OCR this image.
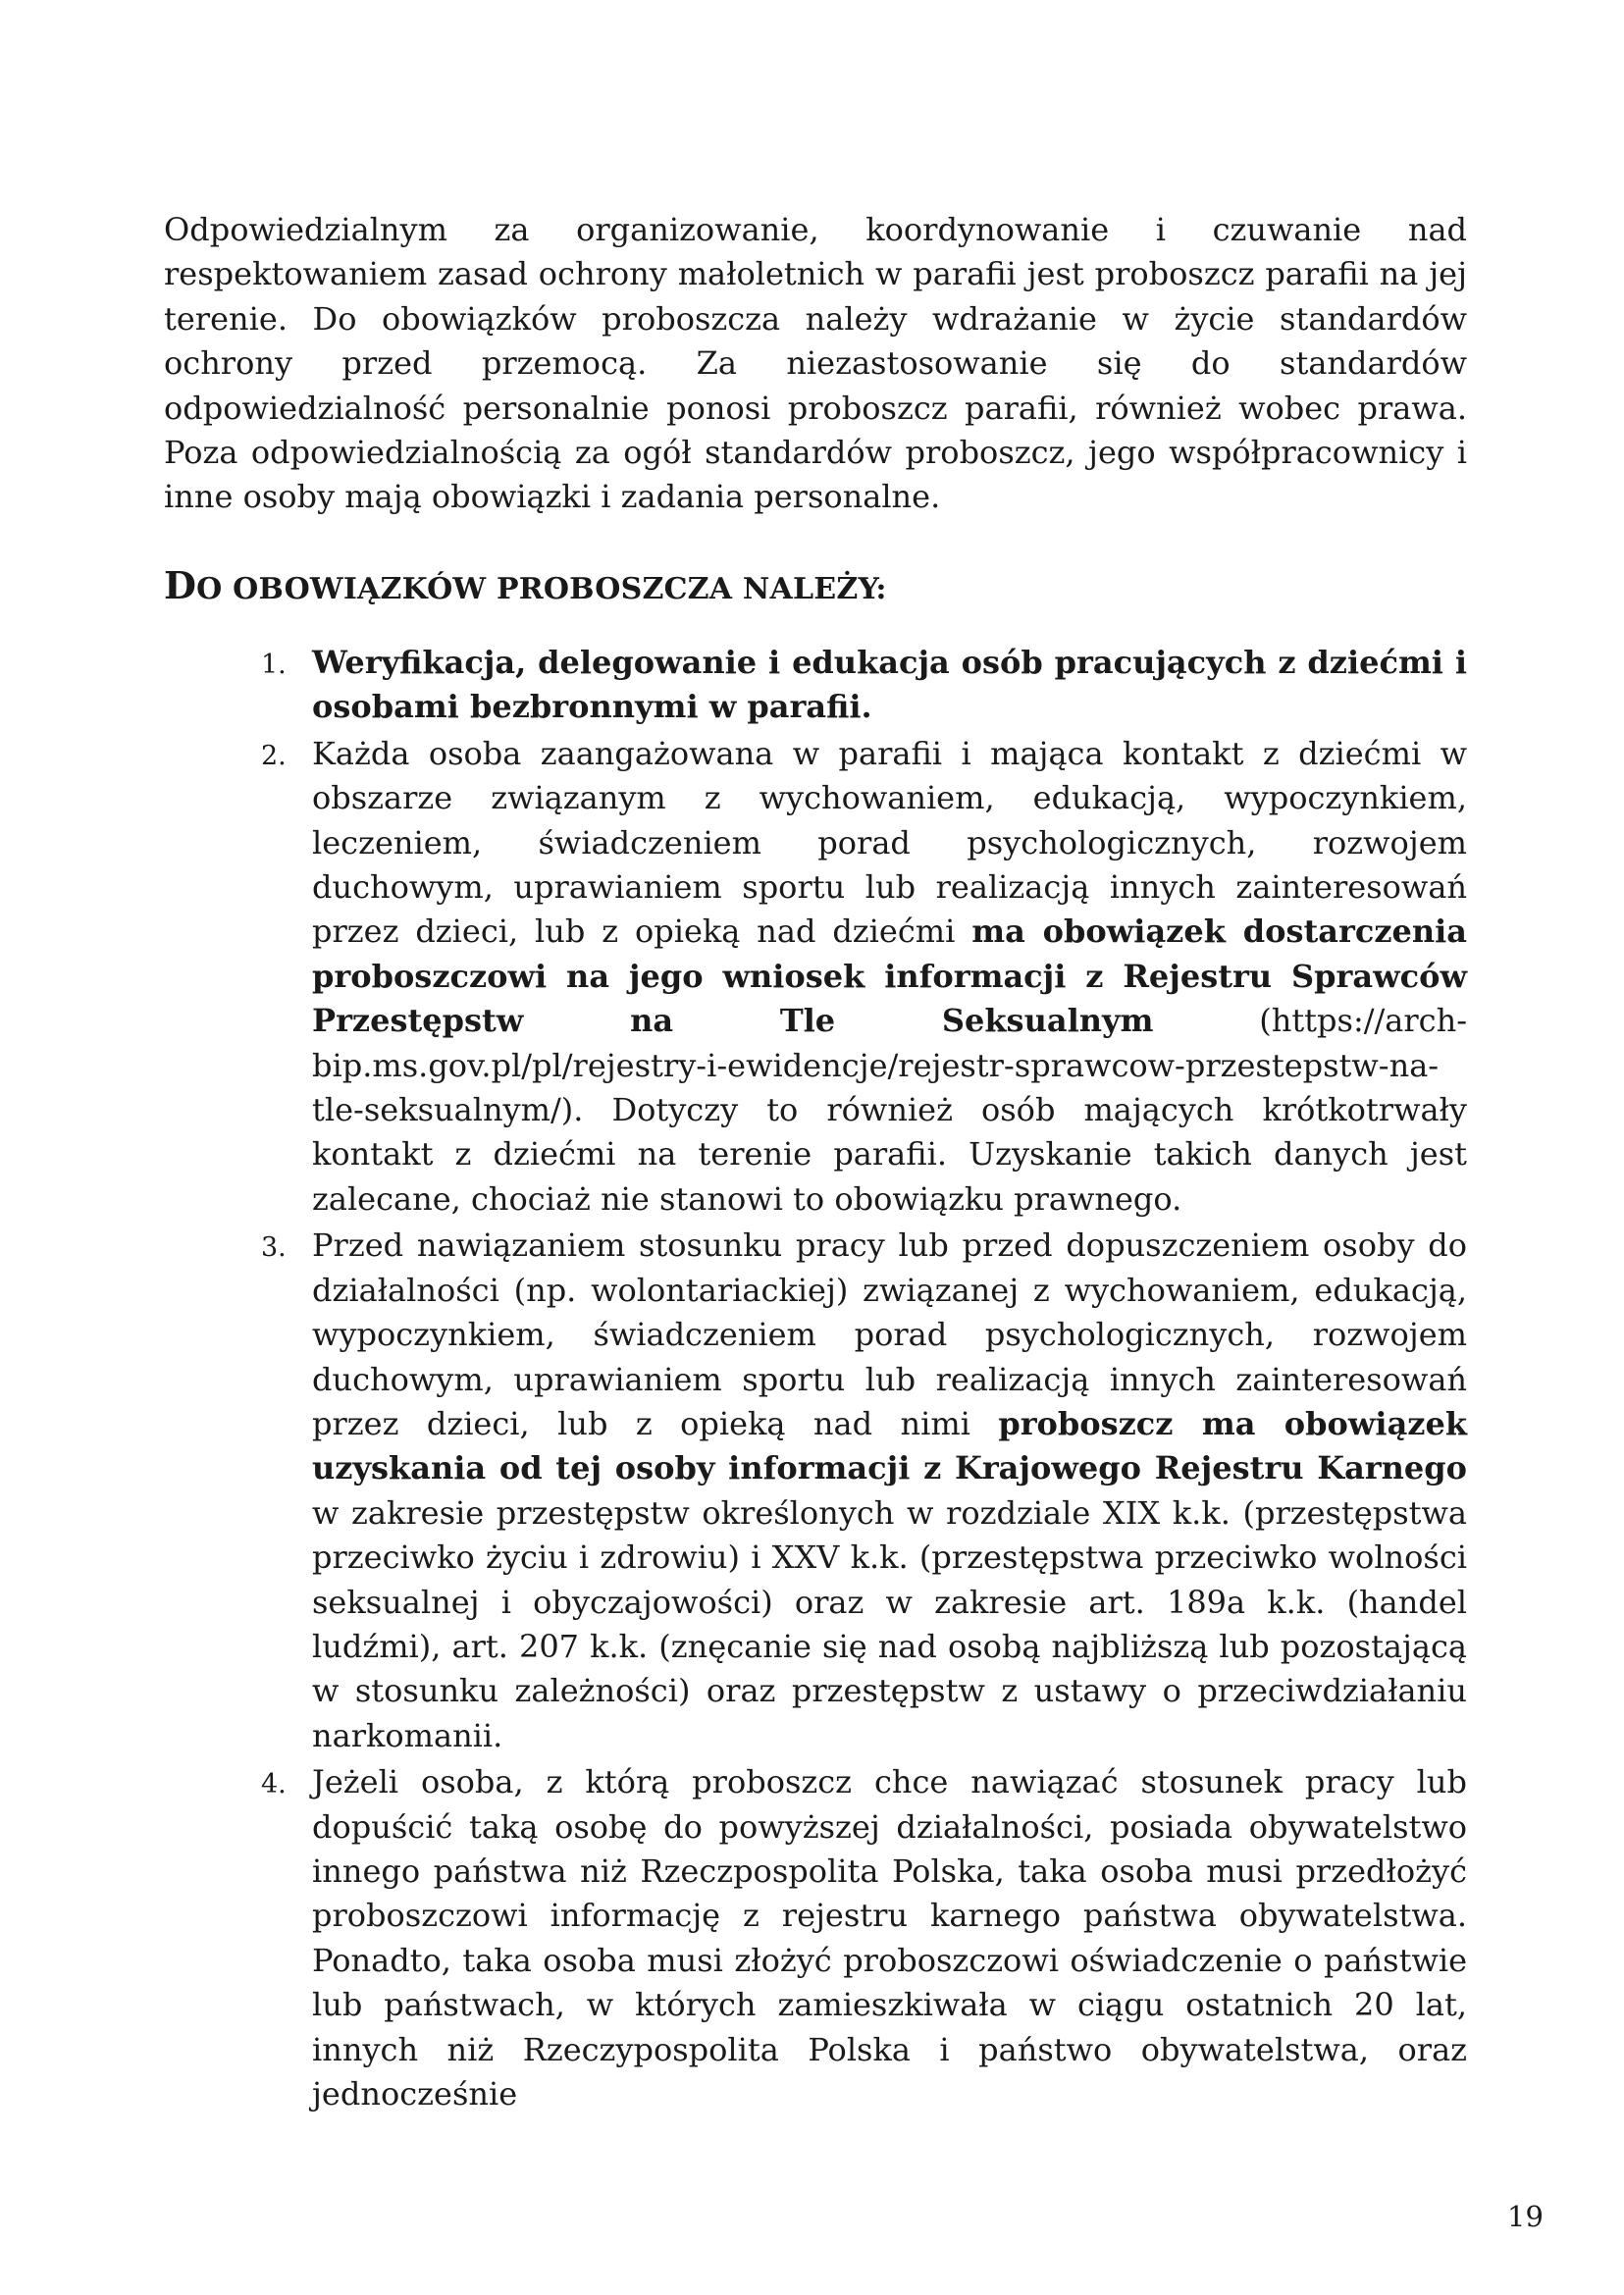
Odpowiedzialnym za organizowanie, koordynowanie i czuwanie nad respektowaniem zasad ochrony małoletnich w parafii jest proboszcz parafii na jej terenie. Do obowiązków proboszcza należy wdrażanie w życie standardów ochrony przed przemocą. Za niezastosowanie się do standardów odpowiedzialność personalnie ponosi proboszcz parafii, również wobec prawa. Poza odpowiedzialnością za ogół standardów proboszcz, jego współpracownicy i inne osoby mają obowiązki i zadania personalne.

DO OBOWIĄZKÓW PROBOSZCZA NALEŻY:
1. Weryfikacja, delegowanie i edukacja osób pracujących z dziećmi i osobami bezbronnymi w parafii.
2. Każda osoba zaangażowana w parafii i mająca kontakt z dziećmi w obszarze związanym z wychowaniem, edukacją, wypoczynkiem, leczeniem, świadczeniem porad psychologicznych, rozwojem duchowym, uprawianiem sportu lub realizacją innych zainteresowań przez dzieci, lub z opieką nad dziećmi ma obowiązek dostarczenia proboszczowi na jego wniosek informacji z Rejestru Sprawców Przestępstw na Tle Seksualnym (https://arch-bip.ms.gov.pl/pl/rejestry-i-ewidencje/rejestr-sprawcow-przestepstw-na-tle-seksualnym/). Dotyczy to również osób mających krótkotrwały kontakt z dziećmi na terenie parafii. Uzyskanie takich danych jest zalecane, chociaż nie stanowi to obowiązku prawnego.
3. Przed nawiązaniem stosunku pracy lub przed dopuszczeniem osoby do działalności (np. wolontariackiej) związanej z wychowaniem, edukacją, wypoczynkiem, świadczeniem porad psychologicznych, rozwojem duchowym, uprawianiem sportu lub realizacją innych zainteresowań przez dzieci, lub z opieką nad nimi proboszcz ma obowiązek uzyskania od tej osoby informacji z Krajowego Rejestru Karnego w zakresie przestępstw określonych w rozdziale XIX k.k. (przestępstwa przeciwko życiu i zdrowiu) i XXV k.k. (przestępstwa przeciwko wolności seksualnej i obyczajowości) oraz w zakresie art. 189a k.k. (handel ludźmi), art. 207 k.k. (znęcanie się nad osobą najbliższą lub pozostającą w stosunku zależności) oraz przestępstw z ustawy o przeciwdziałaniu narkomanii.
4. Jeżeli osoba, z którą proboszcz chce nawiązać stosunek pracy lub dopuścić taką osobę do powyższej działalności, posiada obywatelstwo innego państwa niż Rzeczpospolita Polska, taka osoba musi przedłożyć proboszczowi informację z rejestru karnego państwa obywatelstwa. Ponadto, taka osoba musi złożyć proboszczowi oświadczenie o państwie lub państwach, w których zamieszkiwała w ciągu ostatnich 20 lat, innych niż Rzeczypospolita Polska i państwo obywatelstwa, oraz jednocześnie

19
